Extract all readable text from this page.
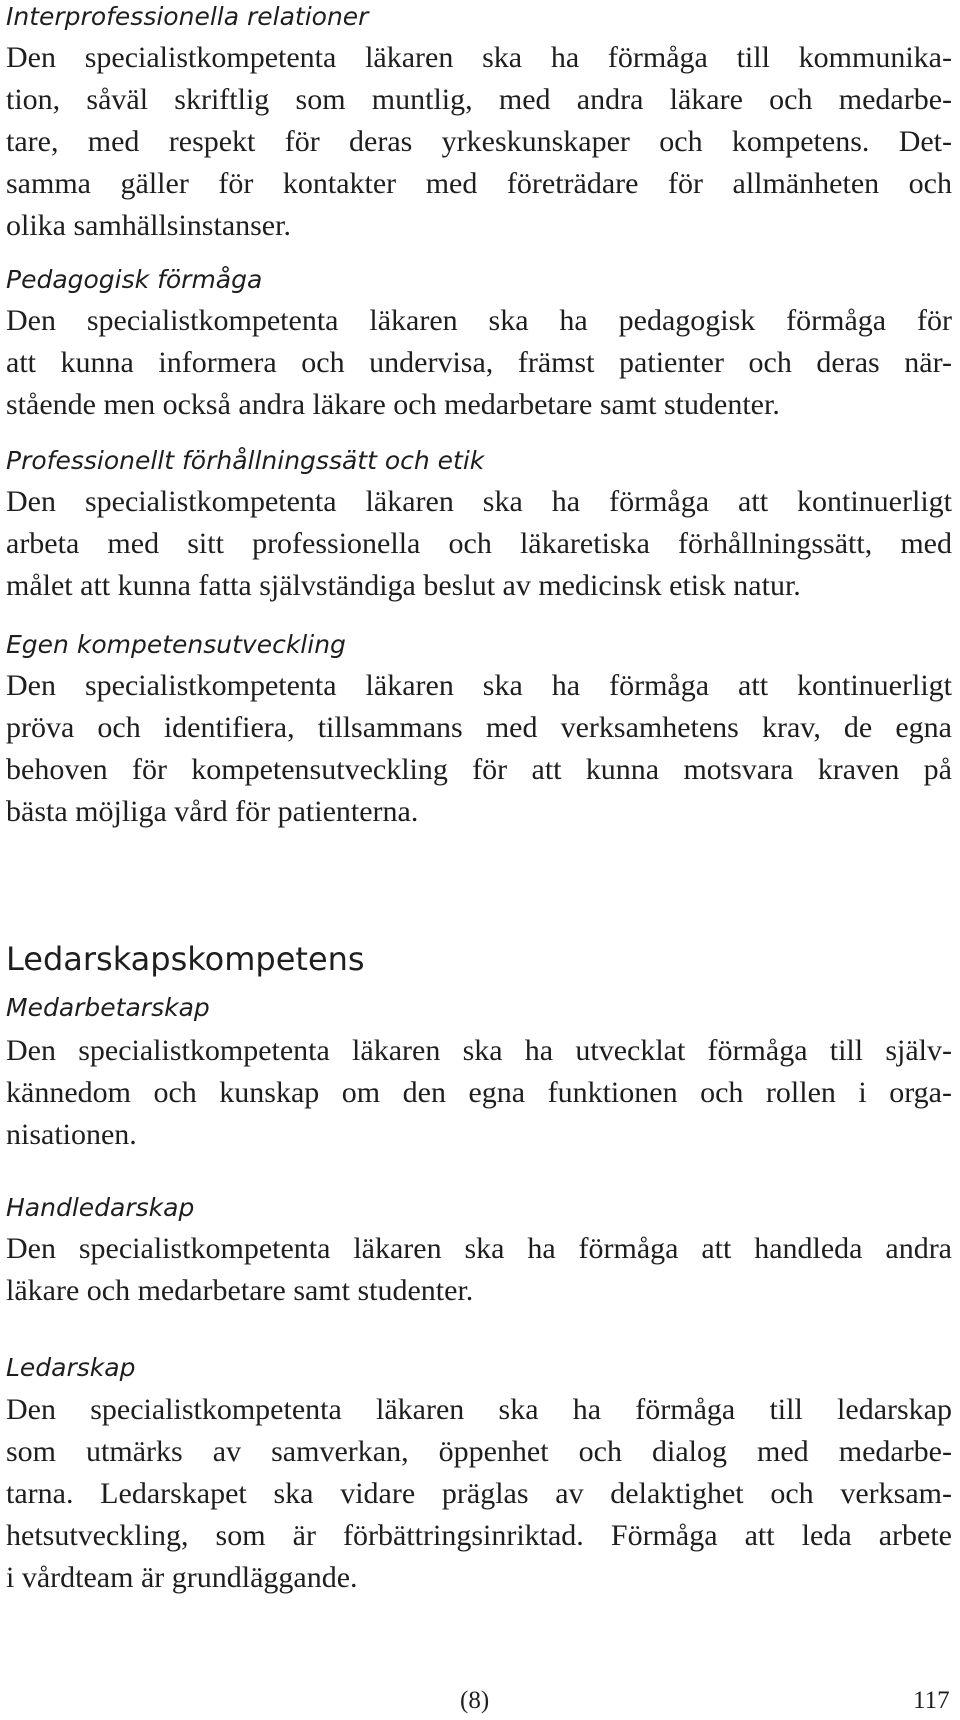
Interprofessionella relationer
Den specialistkompetenta läkaren ska ha förmåga till kommunika-
tion, såväl skriftlig som muntlig, med andra läkare och medarbe-
tare, med respekt för deras yrkeskunskaper och kompetens. Det-
samma gäller för kontakter med företrädare för allmänheten och
olika samhällsinstanser.
Pedagogisk förmåga
Den specialistkompetenta läkaren ska ha pedagogisk förmåga för
att kunna informera och undervisa, främst patienter och deras när-
stående men också andra läkare och medarbetare samt studenter.
Professionellt förhållningssätt och etik
Den specialistkompetenta läkaren ska ha förmåga att kontinuerligt
arbeta med sitt professionella och läkaretiska förhållningssätt, med
målet att kunna fatta självständiga beslut av medicinsk etisk natur.
Egen kompetensutveckling
Den specialistkompetenta läkaren ska ha förmåga att kontinuerligt
pröva och identifiera, tillsammans med verksamhetens krav, de egna
behoven för kompetensutveckling för att kunna motsvara kraven på
bästa möjliga vård för patienterna.
Ledarskapskompetens
Medarbetarskap
Den specialistkompetenta läkaren ska ha utvecklat förmåga till själv-
kännedom och kunskap om den egna funktionen och rollen i orga-
nisationen.
Handledarskap
Den specialistkompetenta läkaren ska ha förmåga att handleda andra
läkare och medarbetare samt studenter.
Ledarskap
Den specialistkompetenta läkaren ska ha förmåga till ledarskap
som utmärks av samverkan, öppenhet och dialog med medarbe-
tarna. Ledarskapet ska vidare präglas av delaktighet och verksam-
hetsutveckling, som är förbättringsinriktad. Förmåga att leda arbete
i vårdteam är grundläggande.

(8)	117
